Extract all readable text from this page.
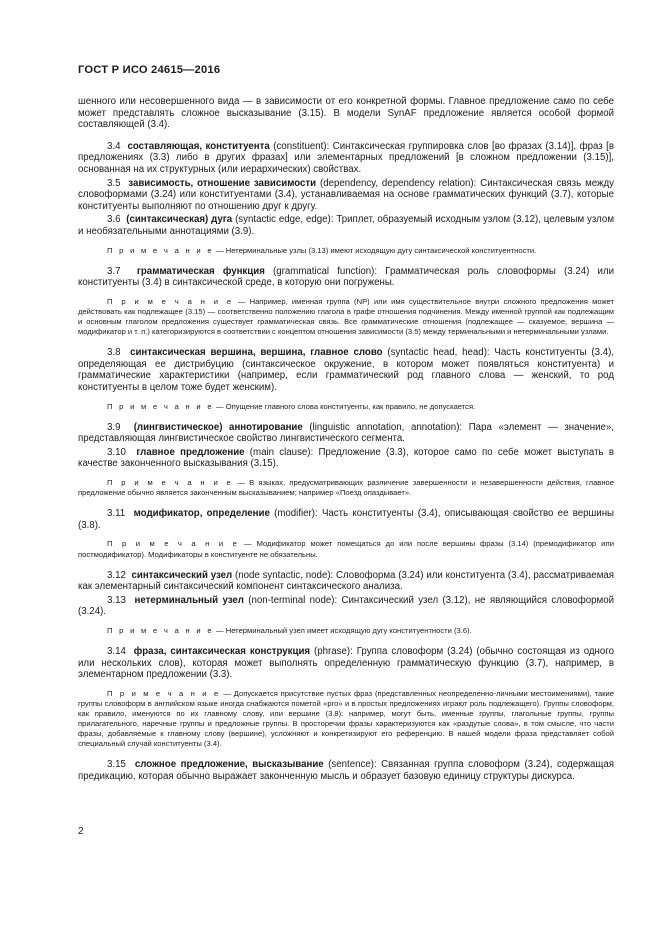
ГОСТ Р ИСО 24615—2016

шенного или несовершенного вида — в зависимости от его конкретной формы. Главное предложение само по себе может представлять сложное высказывание (3.15). В модели SynAF предложение является особой формой составляющей (3.4).

3.4 составляющая, конституента (constituent): Синтаксическая группировка слов [во фразах (3.14)], фраз [в предложениях (3.3) либо в других фразах] или элементарных предложений [в сложном предложении (3.15)], основанная на их структурных (или иерархических) свойствах.

3.5 зависимость, отношение зависимости (dependency, dependency relation): Синтаксическая связь между словоформами (3.24) или конституентами (3.4), устанавливаемая на основе грамматических функций (3.7), которые конституенты выполняют по отношению друг к другу.

3.6 (синтаксическая) дуга (syntactic edge, edge): Триплет, образуемый исходным узлом (3.12), целевым узлом и необязательными аннотациями (3.9).

П р и м е ч а н и е — Нетерминальные узлы (3.13) имеют исходящую дугу синтаксической конституентности.

3.7 грамматическая функция (grammatical function): Грамматическая роль словоформы (3.24) или конституенты (3.4) в синтаксической среде, в которую они погружены.

П р и м е ч а н и е — Например, именная группа (NP) или имя существительное внутри сложного предложения может действовать как подлежащее (3.15) — соответственно положению глагола в графе отношения подчинения. Между именной группой как подлежащим и основным глаголом предложения существует грамматическая связь. Все грамматические отношения (подлежащее — сказуемое, вершина — модификатор и т. п.) категоризируются в соответствии с концептом отношения зависимости (3.5) между терминальными и нетерминальными узлами.

3.8 синтаксическая вершина, вершина, главное слово (syntactic head, head): Часть конституенты (3.4), определяющая ее дистрибуцию (синтаксическое окружение, в котором может появляться конституента) и грамматические характеристики (например, если грамматический род главного слова — женский, то род конституенты в целом тоже будет женским).

П р и м е ч а н и е — Опущение главного слова конституенты, как правило, не допускается.

3.9 (лингвистическое) аннотирование (linguistic annotation, annotation): Пара «элемент — значение», представляющая лингвистическое свойство лингвистического сегмента.

3.10 главное предложение (main clause): Предложение (3.3), которое само по себе может выступать в качестве законченного высказывания (3.15).

П р и м е ч а н и е — В языках, предусматривающих различение завершенности и незавершенности действия, главное предложение обычно является законченным высказыванием; например «Поезд опаздывает».

3.11 модификатор, определение (modifier): Часть конституенты (3.4), описывающая свойство ее вершины (3.8).

П р и м е ч а н и е — Модификатор может помещаться до или после вершины фразы (3.14) (премодификатор или постмодификатор). Модификаторы в конституенте не обязательны.

3.12 синтаксический узел (node syntactic, node): Словоформа (3.24) или конституента (3.4), рассматриваемая как элементарный синтаксический компонент синтаксического анализа.

3.13 нетерминальный узел (non-terminal node): Синтаксический узел (3.12), не являющийся словоформой (3.24).

П р и м е ч а н и е — Нетерминальный узел имеет исходящую дугу конституентности (3.6).

3.14 фраза, синтаксическая конструкция (phrase): Группа словоформ (3.24) (обычно состоящая из одного или нескольких слов), которая может выполнять определенную грамматическую функцию (3.7), например, в элементарном предложении (3.3).

П р и м е ч а н и е — Допускается присутствие пустых фраз (представленных неопределенно-личными местоимениями), такие группы словоформ в английском языке иногда снабжаются пометой «pro» и в простых предложениях играют роль подлежащего). Группы словоформ, как правило, именуются по их главному слову, или вершине (3.8): например, могут быть, именные группы, глагольные группы, группы прилагательного, наречные группы и предложные группы. В просторечии фразы характеризуются как «раздутые слова», в том смысле, что части фразы, добавляемые к главному слову (вершине), усложняют и конкретизируют его референцию. В нашей модели фраза представляет собой специальный случай конституенты (3.4).

3.15 сложное предложение, высказывание (sentence): Связанная группа словоформ (3.24), содержащая предикацию, которая обычно выражает законченную мысль и образует базовую единицу структуры дискурса.

2
